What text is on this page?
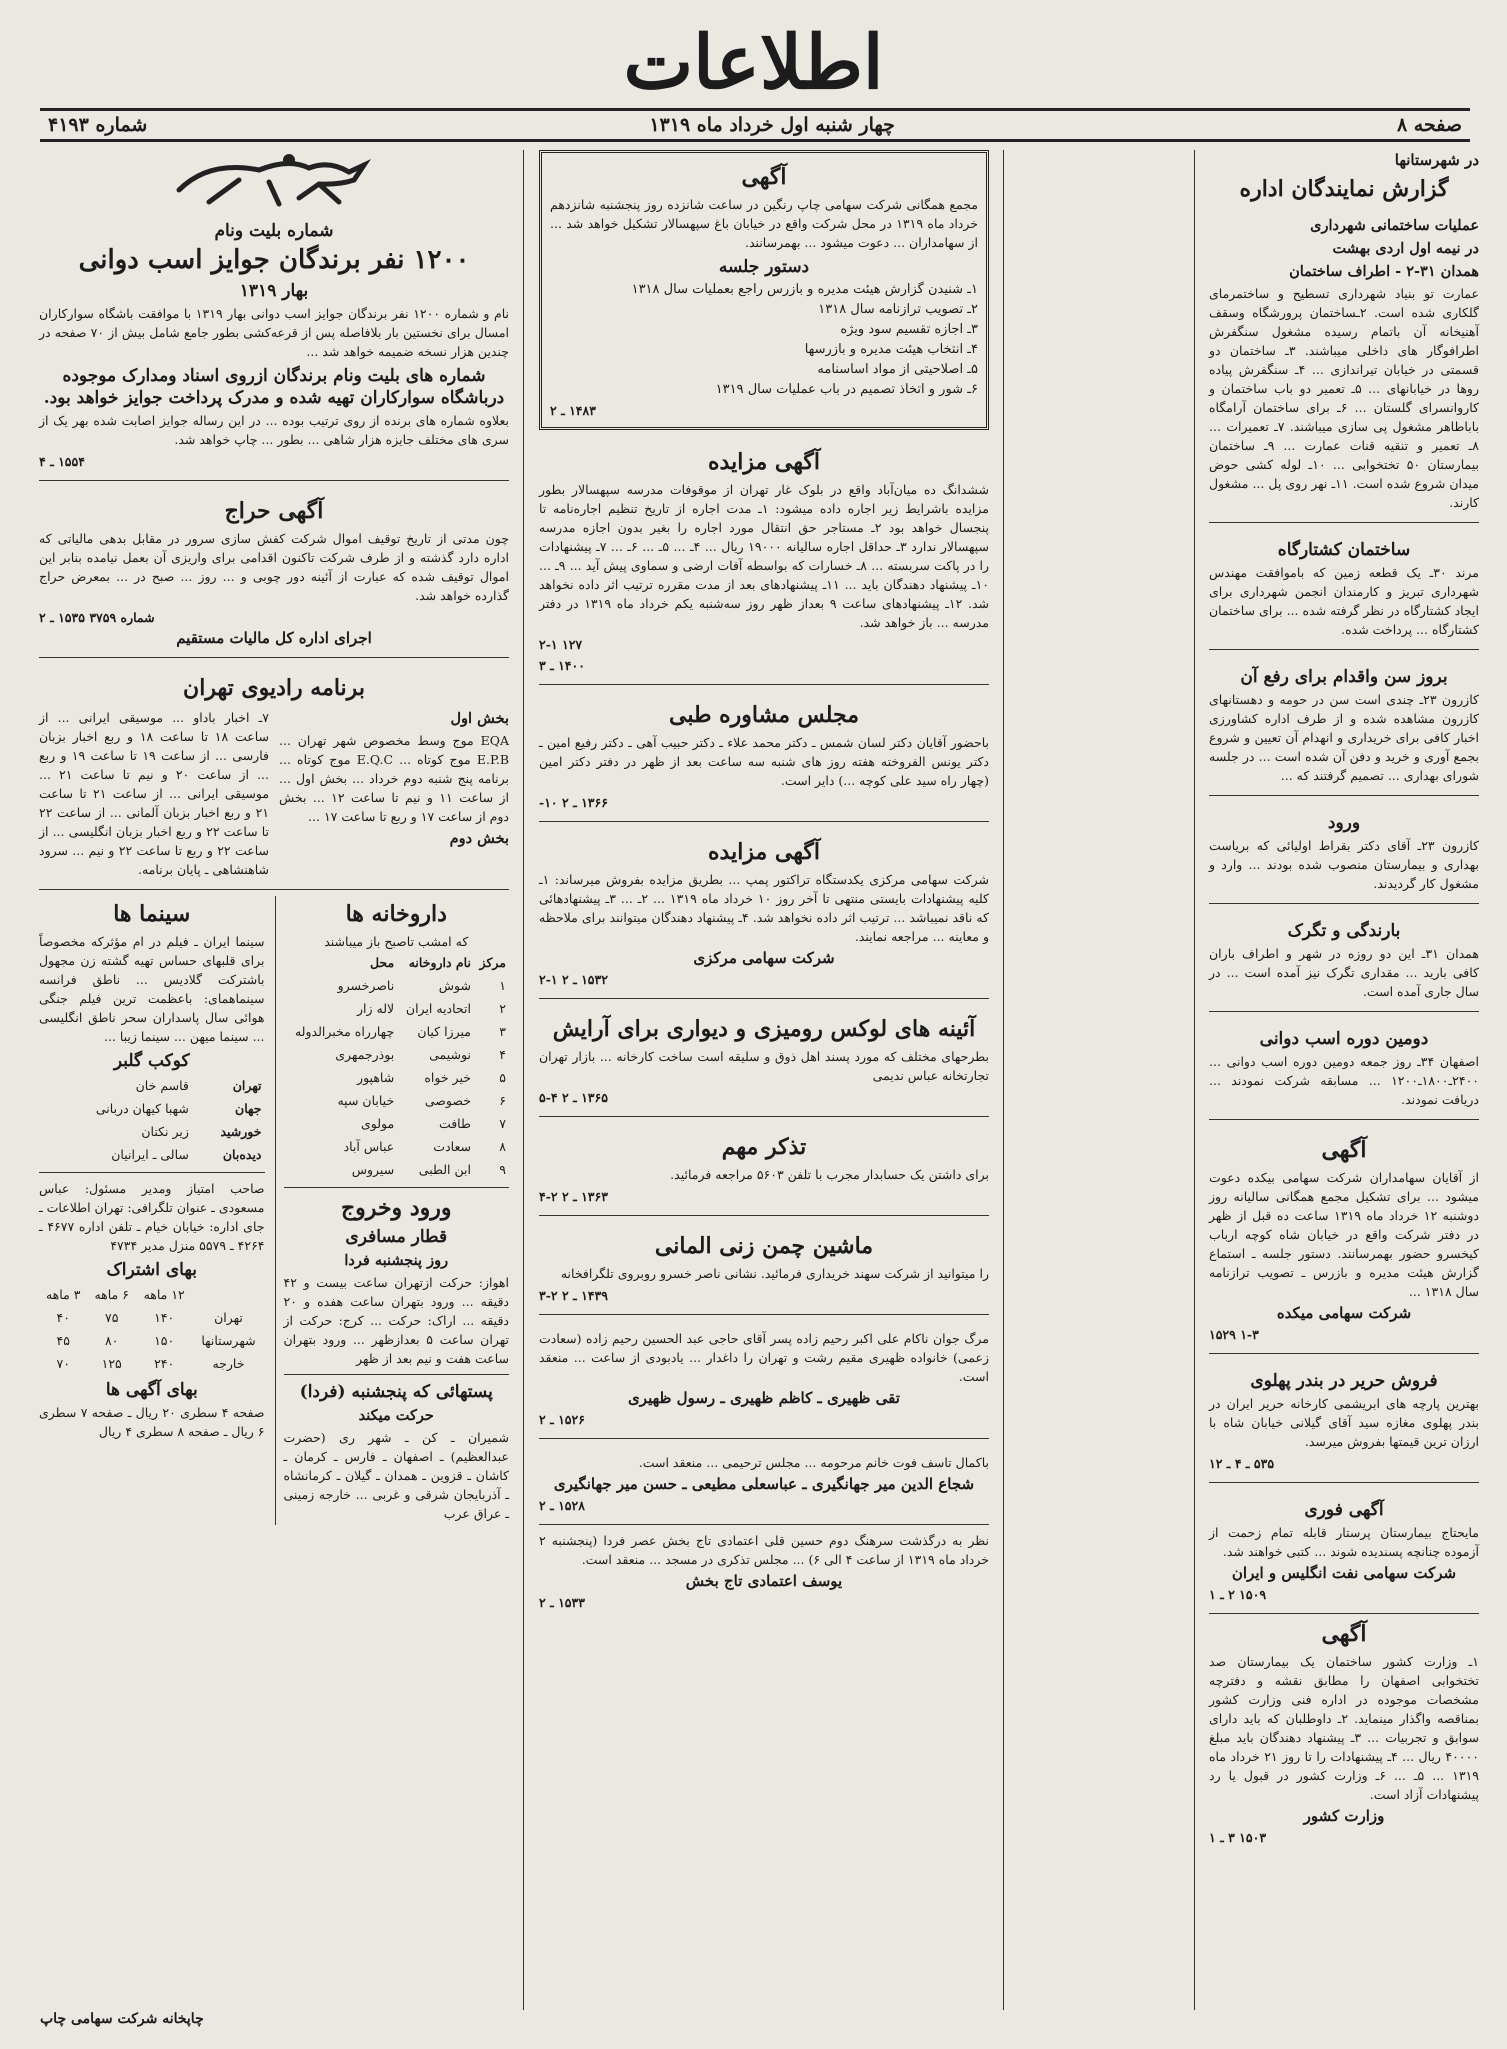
اطلاعات
صفحه ۸
چهار شنبه اول خرداد ماه ۱۳۱۹
شماره ۴۱۹۳
در شهرستانها
گزارش نمایندگان اداره
عملیات ساختمانی شهرداری
در نیمه اول اردی بهشت
همدان ۳۱-۲ - اطراف ساختمان

عمارت تو بنیاد شهرداری تسطیح و ساختمرمای گلکاری شده است. ۲ـساختمان پرورشگاه وسقف آهنیخانه آن باتمام رسیده مشغول سنگفرش اطرافوگار های داخلی میباشند. ۳ـ ساختمان دو قسمتی در خیابان تیراندازی ... ۴ـ سنگفرش پیاده روها در خیابانهای ... ۵ـ تعمیر دو باب ساختمان و کاروانسرای گلستان ... ۶ـ برای ساختمان آرامگاه باباطاهر مشغول پی سازی میباشند. ۷ـ تعمیرات ... ۸ـ تعمیر و تنقیه قنات عمارت ... ۹ـ ساختمان بیمارستان ۵۰ تختخوابی ... ۱۰ـ لوله کشی حوض میدان شروع شده است. ۱۱ـ نهر روی پل ... مشغول کارند.

ساختمان کشتارگاه

مرند ۳۰ـ یک قطعه زمین که باموافقت مهندس شهرداری تبریز و کارمندان انجمن شهرداری برای ایجاد کشتارگاه در نظر گرفته شده ... برای ساختمان کشتارگاه ... پرداخت شده.

بروز سن واقدام برای رفع آن

کازرون ۲۳ـ چندی است سن در حومه و دهستانهای کازرون مشاهده شده و از طرف اداره کشاورزی اخبار کافی برای خریداری و انهدام آن تعیین و شروع بجمع آوری و خرید و دفن آن شده است ... در جلسه شورای بهداری ... تصمیم گرفتند که ...

ورود

کازرون ۲۳ـ آقای دکتر بقراط اولیائی که بریاست بهداری و بیمارستان منصوب شده بودند ... وارد و مشغول کار گردیدند.

بارندگی و تگرک

همدان ۳۱ـ این دو روزه در شهر و اطراف باران کافی بارید ... مقداری تگرک نیز آمده است ... در سال جاری آمده است.

دومین دوره اسب دوانی

اصفهان ۳۴ـ روز جمعه دومین دوره اسب دوانی ... ۲۴۰۰ـ۱۸۰۰ـ۱۲۰۰ ... مسابقه شرکت نمودند ... دریافت نمودند.

آگهی

از آقایان سهامداران شرکت سهامی بیکده دعوت میشود ... برای تشکیل مجمع همگانی سالیانه روز دوشنبه ۱۲ خرداد ماه ۱۳۱۹ ساعت ده قبل از ظهر در دفتر شرکت واقع در خیابان شاه کوچه ارباب کیخسرو حضور بهمرسانند. دستور جلسه ـ استماع گزارش هیئت مدیره و بازرس ـ تصویب ترازنامه سال ۱۳۱۸ ...

شرکت سهامی میکده
۱-۳ ۱۵۲۹
فروش حریر در بندر پهلوی

بهترین پارچه های ابریشمی کارخانه حریر ایران در بندر پهلوی مغازه سید آقای گیلانی خیابان شاه با ارزان ترین قیمتها بفروش میرسد.

۵۳۵ ـ ۴ ـ ۱۲
آگهی فوری

مایحتاج بیمارستان پرستار قابله تمام زحمت از آزموده چنانچه پسندیده شوند ... کتبی خواهند شد.

شرکت سهامی نفت انگلیس و ایران
۱۵۰۹ ۲ ـ ۱
آگهی

۱ـ وزارت کشور ساختمان یک بیمارستان صد تختخوابی اصفهان را مطابق نقشه و دفترچه مشخصات موجوده در اداره فنی وزارت کشور بمناقصه واگذار مینماید. ۲ـ داوطلبان که باید دارای سوابق و تجربیات ... ۳ـ پیشنهاد دهندگان باید مبلغ ۴۰۰۰۰ ریال ... ۴ـ پیشنهادات را تا روز ۲۱ خرداد ماه ۱۳۱۹ ... ۵ـ ... ۶ـ وزارت کشور در قبول یا رد پیشنهادات آزاد است.

وزارت کشور
۱۵۰۳ ۳ ـ ۱
آگهی

مجمع همگانی شرکت سهامی چاپ رنگین در ساعت شانزده روز پنجشنبه شانزدهم خرداد ماه ۱۳۱۹ در محل شرکت واقع در خیابان باغ سپهسالار تشکیل خواهد شد ... از سهامداران ... دعوت میشود ... بهمرسانند.

دستور جلسه
۱ـ شنیدن گزارش هیئت مدیره و بازرس راجع بعملیات سال ۱۳۱۸
۲ـ تصویب ترازنامه سال ۱۳۱۸
۳ـ اجازه تقسیم سود ویژه
۴ـ انتخاب هیئت مدیره و بازرسها
۵ـ اصلاحیتی از مواد اساسنامه
۶ـ شور و اتخاذ تصمیم در باب عملیات سال ۱۳۱۹
۱۴۸۳ ـ ۲
آگهی مزایده

ششدانگ ده میان‌آباد واقع در بلوک غار تهران از موقوفات مدرسه سپهسالار بطور مزایده باشرایط زیر اجاره داده میشود: ۱ـ مدت اجاره از تاریخ تنظیم اجاره‌نامه تا پنجسال خواهد بود ۲ـ مستاجر حق انتقال مورد اجاره را بغیر بدون اجازه مدرسه سپهسالار ندارد ۳ـ حداقل اجاره سالیانه ۱۹۰۰۰ ریال ... ۴ـ ... ۵ـ ... ۶ـ ... ۷ـ پیشنهادات را در پاکت سربسته ... ۸ـ خسارات که بواسطه آفات ارضی و سماوی پیش آید ... ۹ـ ... ۱۰ـ پیشنهاد دهندگان باید ... ۱۱ـ پیشنهادهای بعد از مدت مقرره ترتیب اثر داده نخواهد شد. ۱۲ـ پیشنهادهای ساعت ۹ بعداز ظهر روز سه‌شنبه یکم خرداد ماه ۱۳۱۹ در دفتر مدرسه ... باز خواهد شد.

۱۲۷ ۲-۱
۱۴۰۰ ـ ۳
مجلس مشاوره طبی

باحضور آقایان دکتر لسان شمس ـ دکتر محمد علاء ـ دکتر حبیب آهی ـ دکتر رفیع امین ـ دکتر یونس الفروخته هفته روز های شنبه سه ساعت بعد از ظهر در دفتر دکتر امین (چهار راه سید علی کوچه ...) دایر است.

۱۳۶۶ ـ ۲ ۱۰-
آگهی مزایده

شرکت سهامی مرکزی یکدستگاه تراکتور پمپ ... بطریق مزایده بفروش میرساند: ۱ـ کلیه پیشنهادات بایستی منتهی تا آخر روز ۱۰ خرداد ماه ۱۳۱۹ ... ۲ـ ... ۳ـ پیشنهادهائی که ناقد نمیباشد ... ترتیب اثر داده نخواهد شد. ۴ـ پیشنهاد دهندگان میتوانند برای ملاحظه و معاینه ... مراجعه نمایند.

شرکت سهامی مرکزی
۱۵۳۲ ـ ۲ ۱-۲
آئینه های لوکس رومیزی و دیواری برای آرایش

بطرحهای مختلف که مورد پسند اهل ذوق و سلیقه است ساخت کارخانه ... بازار تهران تجارتخانه عباس ندیمی

۱۳۶۵ ـ ۲ ۴-۵
تذکر مهم

برای داشتن یک حسابدار مجرب با تلفن ۵۶۰۳ مراجعه فرمائید.

۱۳۶۳ ـ ۲ ۲-۴
ماشین چمن زنی المانی

را میتوانید از شرکت سهند خریداری فرمائید. نشانی ناصر خسرو روبروی تلگرافخانه

۱۴۳۹ ـ ۲ ۲-۳

مرگ جوان ناکام علی اکبر رحیم زاده پسر آقای حاجی عبد الحسین رحیم زاده (سعادت زعمی) خانواده ظهیری مقیم رشت و تهران را داغدار ... یادبودی از ساعت ... منعقد است.

تقی ظهیری ـ کاظم ظهیری ـ رسول ظهیری
۱۵۲۶ ـ ۲

باکمال تاسف فوت خانم مرحومه ... مجلس ترحیمی ... منعقد است.

شجاع الدین میر جهانگیری ـ عباسعلی مطیعی ـ حسن میر جهانگیری
۱۵۲۸ ـ ۲

نظر به درگذشت سرهنگ دوم حسین قلی اعتمادی تاج بخش عصر فردا (پنجشنبه ۲ خرداد ماه ۱۳۱۹ از ساعت ۴ الی ۶) ... مجلس تذکری در مسجد ... منعقد است.

یوسف اعتمادی تاج بخش
۱۵۳۳ ـ ۲
شماره بلیت ونام
۱۲۰۰ نفر برندگان جوایز اسب دوانی
بهار ۱۳۱۹

نام و شماره ۱۲۰۰ نفر برندگان جوایز اسب دوانی بهار ۱۳۱۹ با موافقت باشگاه سوارکاران امسال برای نخستین بار بلافاصله پس از قرعه‌کشی بطور جامع شامل بیش از ۷۰ صفحه در چندین هزار نسخه ضمیمه خواهد شد ...

شماره های بلیت ونام برندگان ازروی اسناد ومدارک موجوده درباشگاه سوارکاران تهیه شده و مدرک پرداخت جوایز خواهد بود.

بعلاوه شماره های برنده از روی ترتیب بوده ... در این رساله جوایز اصابت شده بهر یک از سری های مختلف جایزه هزار شاهی ... بطور ... چاپ خواهد شد.

۱۵۵۴ ـ ۴
آگهی حراج

چون مدتی از تاریخ توقیف اموال شرکت کفش سازی سرور در مقابل بدهی مالیاتی که اداره دارد گذشته و از طرف شرکت تاکنون اقدامی برای واریزی آن بعمل نیامده بنابر این اموال توقیف شده که عبارت از آئینه دور چوبی و ... روز ... صبح در ... بمعرض حراج گذارده خواهد شد.

شماره ۳۷۵۹ ۱۵۳۵ ـ ۲
اجرای اداره کل مالیات مستقیم
برنامه رادیوی تهران
بخش اول

EQA موج وسط مخصوص شهر تهران ... E.P.B موج کوتاه ... E.Q.C موج کوتاه ... برنامه پنج شنبه دوم خرداد ... بخش اول ... از ساعت ۱۱ و نیم تا ساعت ۱۲ ... بخش دوم از ساعت ۱۷ و ربع تا ساعت ۱۷ ...

بخش دوم

۷ـ اخبار باداو ... موسیقی ایرانی ... از ساعت ۱۸ تا ساعت ۱۸ و ربع اخبار بزبان فارسی ... از ساعت ۱۹ تا ساعت ۱۹ و ربع ... از ساعت ۲۰ و نیم تا ساعت ۲۱ ... موسیقی ایرانی ... از ساعت ۲۱ تا ساعت ۲۱ و ربع اخبار بزبان آلمانی ... از ساعت ۲۲ تا ساعت ۲۲ و ربع اخبار بزبان انگلیسی ... از ساعت ۲۲ و ربع تا ساعت ۲۲ و نیم ... سرود شاهنشاهی ـ پایان برنامه.

داروخانه ها
که امشب تاصبح باز میباشند
مرکز	نام داروخانه	محل
۱	شوش	ناصرخسرو
۲	اتحادیه ایران	لاله زار
۳	میرزا کیان	چهارراه مخبرالدوله
۴	نوشیمی	بوذرجمهری
۵	خیر خواه	شاهپور
۶	خصوصی	خیابان سپه
۷	طافت	مولوی
۸	سعادت	عباس آباد
۹	ابن الطبی	سیروس
ورود وخروج
قطار مسافری
روز پنجشنبه فردا

اهواز: حرکت ازتهران ساعت بیست و ۴۲ دقیقه ... ورود بتهران ساعت هفده و ۲۰ دقیقه ... اراک: حرکت ... کرج: حرکت از تهران ساعت ۵ بعدازظهر ... ورود بتهران ساعت هفت و نیم بعد از ظهر

پستهائی که پنجشنبه (فردا)
حرکت میکند

شمیران ـ کن ـ شهر ری (حضرت عبدالعظیم) ـ اصفهان ـ فارس ـ کرمان ـ کاشان ـ قزوین ـ همدان ـ گیلان ـ کرمانشاه ـ آذربایجان شرقی و غربی ... خارجه زمینی ـ عراق عرب

سینما ها

سینما ایران ـ فیلم در ام مؤثرکه مخصوصاً برای قلبهای حساس تهیه گشته زن مجهول باشترکت گلادیس ... ناطق فرانسه سینماهمای: باعظمت ترین فیلم جنگی هوائی سال پاسداران سحر ناطق انگلیسی ... سینما میهن ... سینما زیبا ...

کوکب گلبر
تهران	قاسم خان
جهان	شهبا کیهان دربانی
خورشید	زیر نکتان
دیده‌بان	سالی ـ ایرانیان

صاحب امتیاز ومدیر مسئول: عباس مسعودی ـ عنوان تلگرافی: تهران اطلاعات ـ جای اداره: خیابان خیام ـ تلفن اداره ۴۶۷۷ ـ ۴۲۶۴ ـ ۵۵۷۹ منزل مدیر ۴۷۳۴

بهای اشتراک
	۱۲ ماهه	۶ ماهه	۳ ماهه
تهران	۱۴۰	۷۵	۴۰
شهرستانها	۱۵۰	۸۰	۴۵
خارجه	۲۴۰	۱۲۵	۷۰
بهای آگهی ها

صفحه ۴ سطری ۲۰ ریال ـ صفحه ۷ سطری ۶ ریال ـ صفحه ۸ سطری ۴ ریال

چاپخانه شرکت سهامی چاپ
